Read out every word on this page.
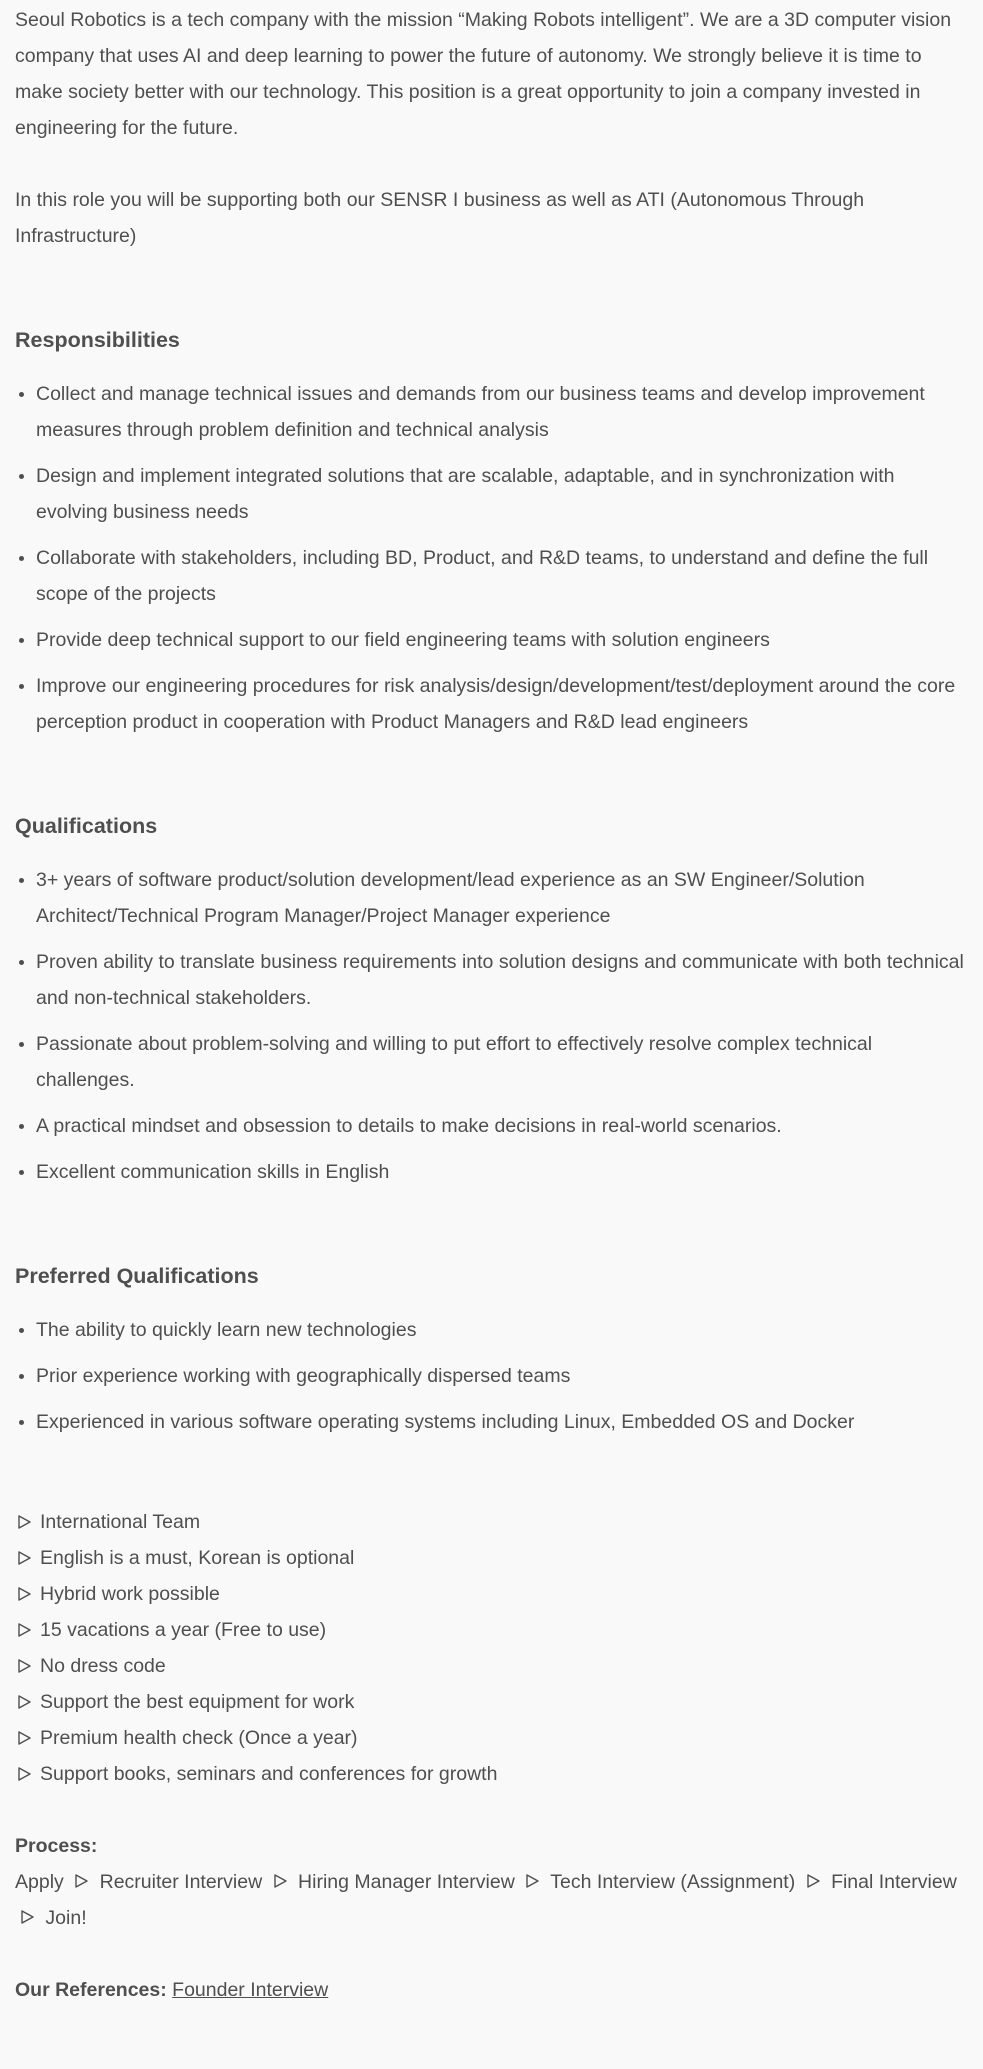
Seoul Robotics is a tech company with the mission “Making Robots intelligent”. We are a 3D computer vision company that uses AI and deep learning to power the future of autonomy. We strongly believe it is time to make society better with our technology. This position is a great opportunity to join a company invested in engineering for the future.

In this role you will be supporting both our SENSR I business as well as ATI (Autonomous Through Infrastructure)

Responsibilities
Collect and manage technical issues and demands from our business teams and develop improvement measures through problem definition and technical analysis
Design and implement integrated solutions that are scalable, adaptable, and in synchronization with evolving business needs
Collaborate with stakeholders, including BD, Product, and R&D teams, to understand and define the full scope of the projects
Provide deep technical support to our field engineering teams with solution engineers
Improve our engineering procedures for risk analysis/design/development/test/deployment around the core perception product in cooperation with Product Managers and R&D lead engineers
Qualifications
3+ years of software product/solution development/lead experience as an SW Engineer/Solution Architect/Technical Program Manager/Project Manager experience
Proven ability to translate business requirements into solution designs and communicate with both technical and non-technical stakeholders.
Passionate about problem-solving and willing to put effort to effectively resolve complex technical challenges.
A practical mindset and obsession to details to make decisions in real-world scenarios.
Excellent communication skills in English
Preferred Qualifications
The ability to quickly learn new technologies
Prior experience working with geographically dispersed teams
Experienced in various software operating systems including Linux, Embedded OS and Docker
International Team
English is a must, Korean is optional
Hybrid work possible
15 vacations a year (Free to use)
No dress code
Support the best equipment for work
Premium health check (Once a year)
Support books, seminars and conferences for growth
Process:
Apply Recruiter Interview Hiring Manager Interview Tech Interview (Assignment) Final Interview  Join!
Our References: Founder Interview
